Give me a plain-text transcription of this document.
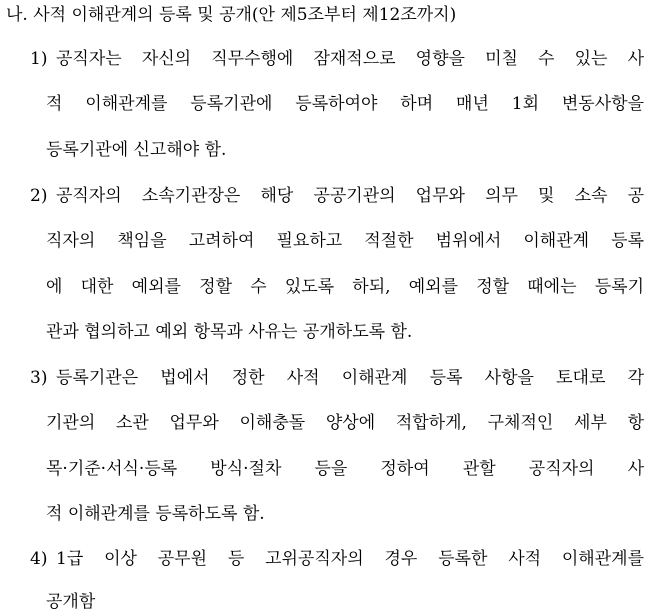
나. 사적 이해관계의 등록 및 공개(안 제5조부터 제12조까지)
1) 공직자는 자신의 직무수행에 잠재적으로 영향을 미칠 수 있는 사
적 이해관계를 등록기관에 등록하여야 하며 매년 1회 변동사항을
등록기관에 신고해야 함.
2) 공직자의 소속기관장은 해당 공공기관의 업무와 의무 및 소속 공
직자의 책임을 고려하여 필요하고 적절한 범위에서 이해관계 등록
에 대한 예외를 정할 수 있도록 하되, 예외를 정할 때에는 등록기
관과 협의하고 예외 항목과 사유는 공개하도록 함.
3) 등록기관은 법에서 정한 사적 이해관계 등록 사항을 토대로 각
기관의 소관 업무와 이해충돌 양상에 적합하게, 구체적인 세부 항
목·기준·서식·등록 방식·절차 등을 정하여 관할 공직자의 사
적 이해관계를 등록하도록 함.
4) 1급 이상 공무원 등 고위공직자의 경우 등록한 사적 이해관계를
공개함
